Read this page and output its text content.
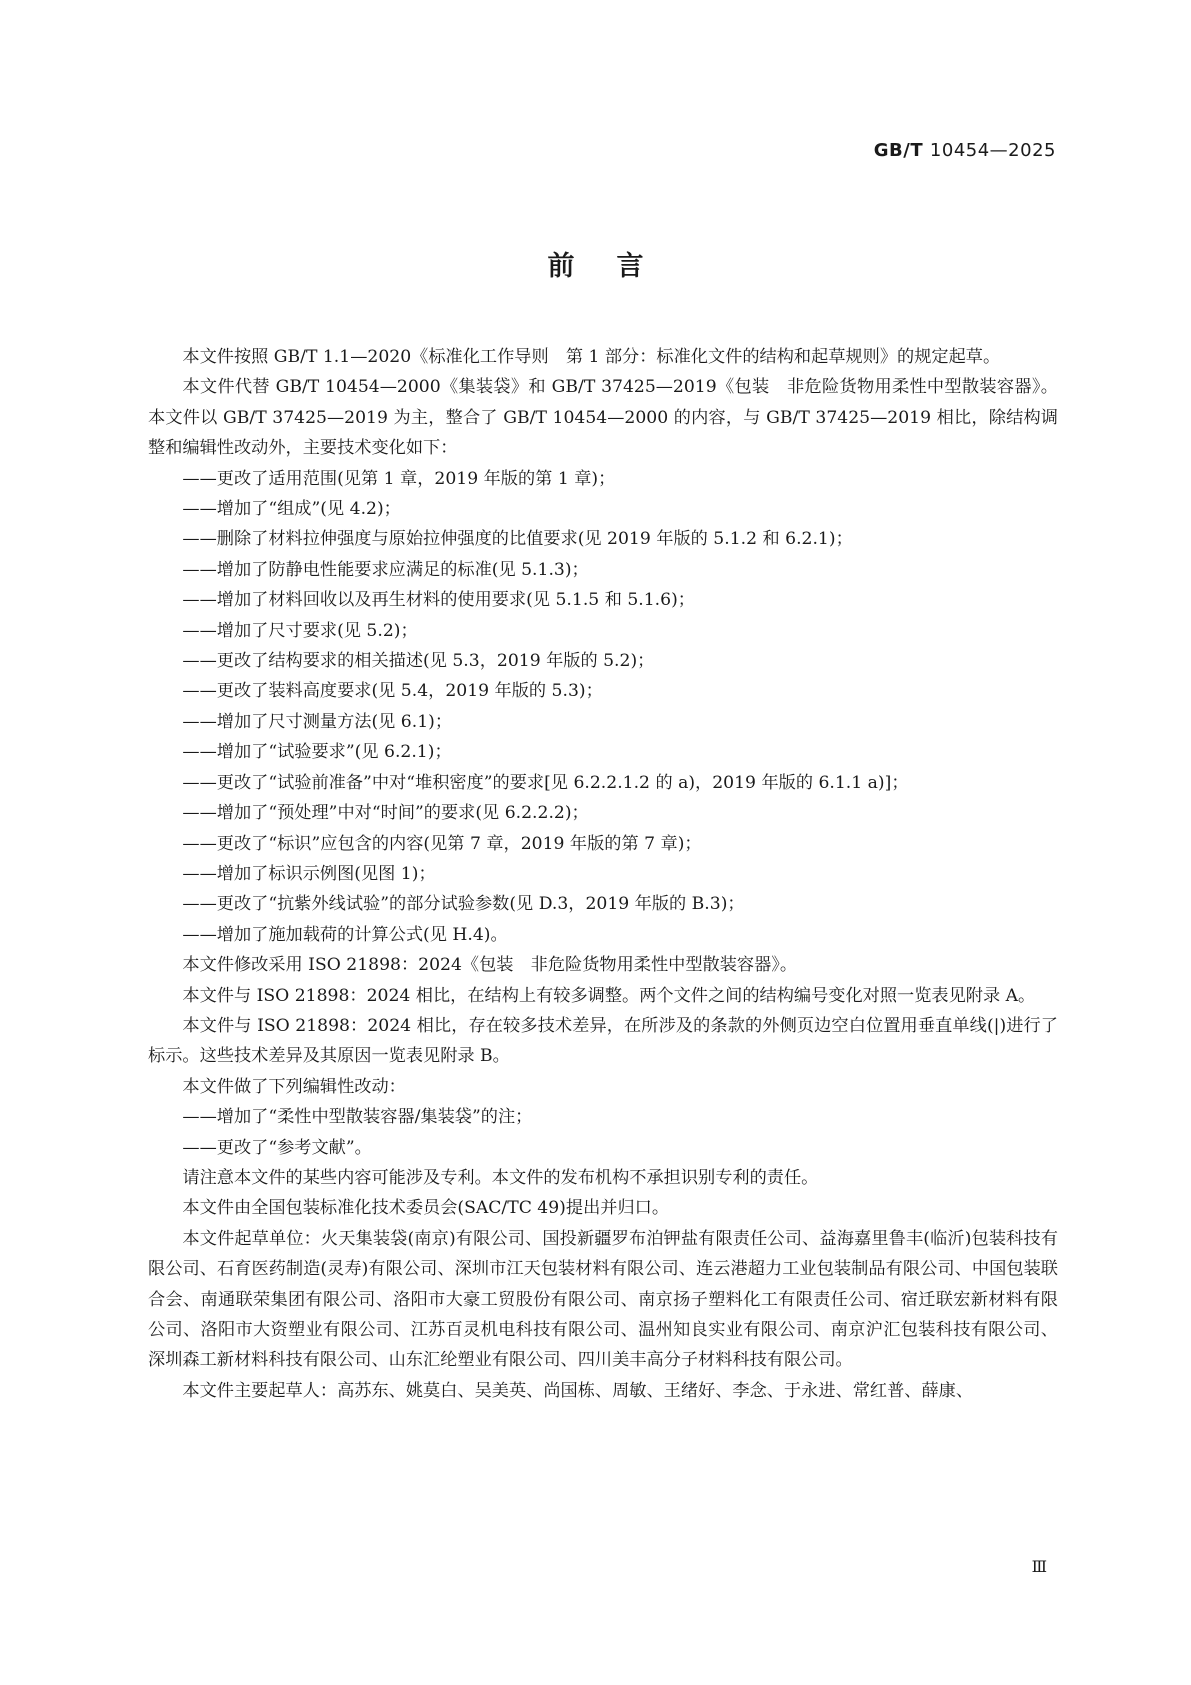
GB/T 10454—2025
前言

本文件按照 GB/T 1.1—2020《标准化工作导则　第 1 部分：标准化文件的结构和起草规则》的规定起草。

本文件代替 GB/T 10454—2000《集装袋》和 GB/T 37425—2019《包装　非危险货物用柔性中型散装容器》。本文件以 GB/T 37425—2019 为主，整合了 GB/T 10454—2000 的内容，与 GB/T 37425—2019 相比，除结构调整和编辑性改动外，主要技术变化如下：

——更改了适用范围(见第 1 章，2019 年版的第 1 章)；

——增加了“组成”(见 4.2)；

——删除了材料拉伸强度与原始拉伸强度的比值要求(见 2019 年版的 5.1.2 和 6.2.1)；

——增加了防静电性能要求应满足的标准(见 5.1.3)；

——增加了材料回收以及再生材料的使用要求(见 5.1.5 和 5.1.6)；

——增加了尺寸要求(见 5.2)；

——更改了结构要求的相关描述(见 5.3，2019 年版的 5.2)；

——更改了装料高度要求(见 5.4，2019 年版的 5.3)；

——增加了尺寸测量方法(见 6.1)；

——增加了“试验要求”(见 6.2.1)；

——更改了“试验前准备”中对“堆积密度”的要求[见 6.2.2.1.2 的 a)，2019 年版的 6.1.1 a)]；

——增加了“预处理”中对“时间”的要求(见 6.2.2.2)；

——更改了“标识”应包含的内容(见第 7 章，2019 年版的第 7 章)；

——增加了标识示例图(见图 1)；

——更改了“抗紫外线试验”的部分试验参数(见 D.3，2019 年版的 B.3)；

——增加了施加载荷的计算公式(见 H.4)。

本文件修改采用 ISO 21898：2024《包装　非危险货物用柔性中型散装容器》。

本文件与 ISO 21898：2024 相比，在结构上有较多调整。两个文件之间的结构编号变化对照一览表见附录 A。

本文件与 ISO 21898：2024 相比，存在较多技术差异，在所涉及的条款的外侧页边空白位置用垂直单线(|)进行了标示。这些技术差异及其原因一览表见附录 B。

本文件做了下列编辑性改动：

——增加了“柔性中型散装容器/集装袋”的注；

——更改了“参考文献”。

请注意本文件的某些内容可能涉及专利。本文件的发布机构不承担识别专利的责任。

本文件由全国包装标准化技术委员会(SAC/TC 49)提出并归口。

本文件起草单位：火天集装袋(南京)有限公司、国投新疆罗布泊钾盐有限责任公司、益海嘉里鲁丰(临沂)包装科技有限公司、石育医药制造(灵寿)有限公司、深圳市江天包装材料有限公司、连云港超力工业包装制品有限公司、中国包装联合会、南通联荣集团有限公司、洛阳市大豪工贸股份有限公司、南京扬子塑料化工有限责任公司、宿迁联宏新材料有限公司、洛阳市大资塑业有限公司、江苏百灵机电科技有限公司、温州知良实业有限公司、南京沪汇包装科技有限公司、深圳森工新材料科技有限公司、山东汇纶塑业有限公司、四川美丰高分子材料科技有限公司。

本文件主要起草人：高苏东、姚莫白、吴美英、尚国栋、周敏、王绪好、李念、于永进、常红普、薛康、

Ⅲ
